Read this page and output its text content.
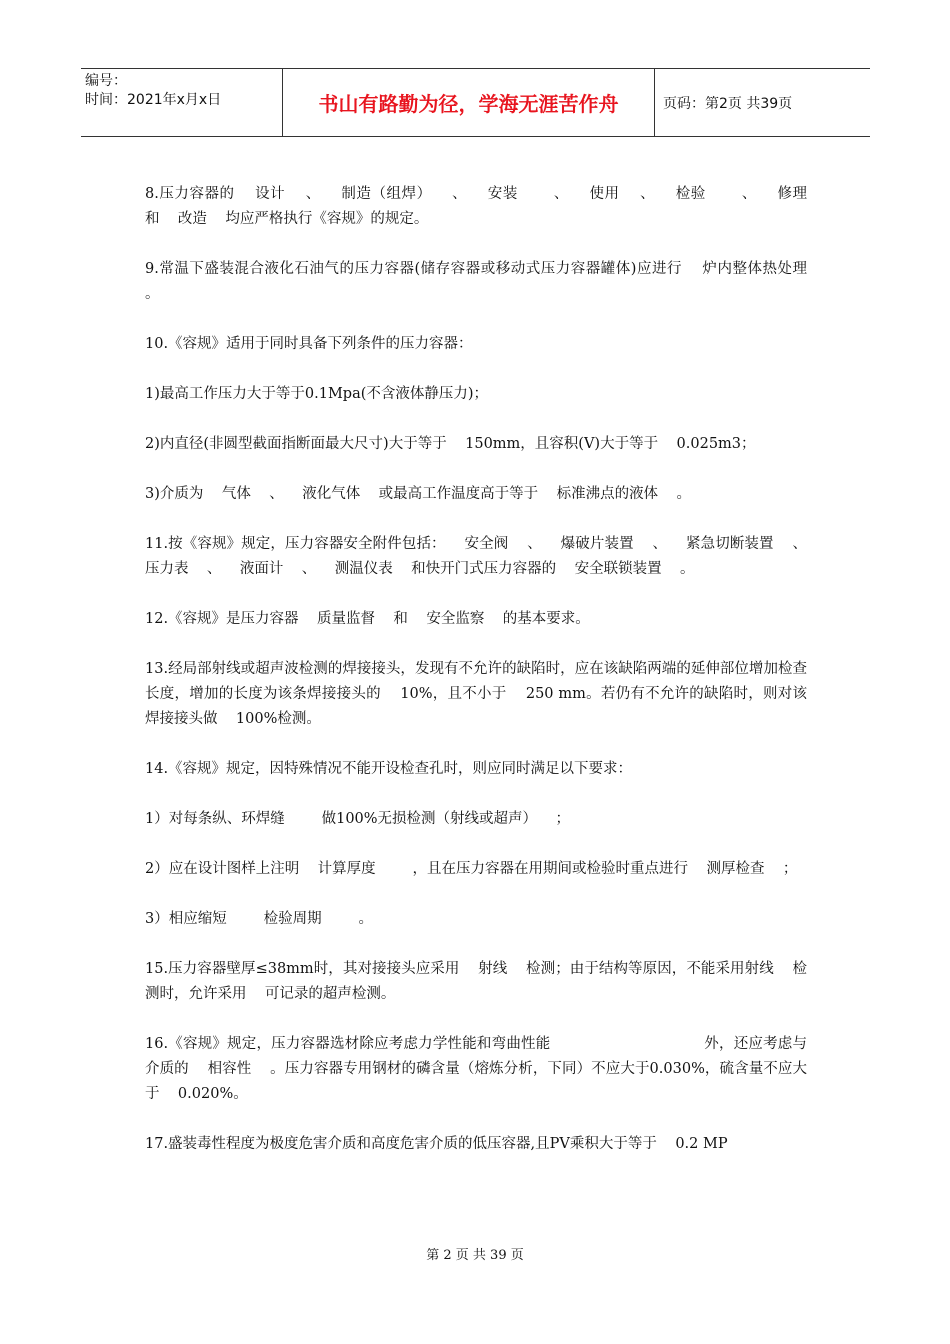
编号：
时间：2021年x月x日	书山有路勤为径，学海无涯苦作舟	页码：第2页 共39页

8.压力容器的    设计    、    制造（组焊）    、    安装       、    使用    、    检验       、    修理       和    改造    均应严格执行《容规》的规定。

9.常温下盛装混合液化石油气的压力容器(储存容器或移动式压力容器罐体)应进行    炉内整体热处理    。

10.《容规》适用于同时具备下列条件的压力容器：

1)最高工作压力大于等于0.1Mpa(不含液体静压力)；

2)内直径(非圆型截面指断面最大尺寸)大于等于    150mm，且容积(V)大于等于    0.025m3；

3)介质为    气体    、    液化气体    或最高工作温度高于等于    标准沸点的液体    。

11.按《容规》规定，压力容器安全附件包括：    安全阀    、    爆破片装置    、    紧急切断装置    、    压力表    、    液面计    、    测温仪表    和快开门式压力容器的    安全联锁装置    。

12.《容规》是压力容器    质量监督    和    安全监察    的基本要求。

13.经局部射线或超声波检测的焊接接头，发现有不允许的缺陷时，应在该缺陷两端的延伸部位增加检查长度，增加的长度为该条焊接接头的    10%，且不小于    250 mm。若仍有不允许的缺陷时，则对该焊接接头做    100%检测。

14.《容规》规定，因特殊情况不能开设检查孔时，则应同时满足以下要求：

1）对每条纵、环焊缝        做100%无损检测（射线或超声）    ；

2）应在设计图样上注明    计算厚度        ，且在压力容器在用期间或检验时重点进行    测厚检查    ；

3）相应缩短        检验周期        。

15.压力容器壁厚≤38mm时，其对接接头应采用    射线    检测；由于结构等原因，不能采用射线    检测时，允许采用    可记录的超声检测。

16.《容规》规定，压力容器选材除应考虑力学性能和弯曲性能                                外，还应考虑与介质的    相容性    。压力容器专用钢材的磷含量（熔炼分析，下同）不应大于0.030%，硫含量不应大于    0.020%。

17.盛装毒性程度为极度危害介质和高度危害介质的低压容器,且PV乘积大于等于    0.2 MP

第 2 页 共 39 页
